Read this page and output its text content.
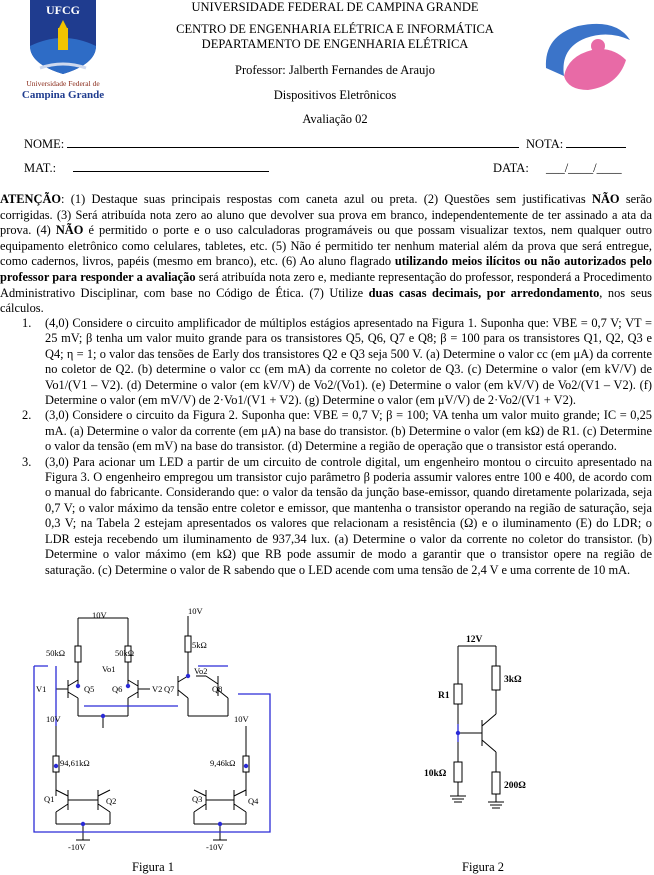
UFCG
Universidade Federal de
Campina Grande
UNIVERSIDADE FEDERAL DE CAMPINA GRANDE
CENTRO DE ENGENHARIA ELÉTRICA E INFORMÁTICA
DEPARTAMENTO DE ENGENHARIA ELÉTRICA
Professor: Jalberth Fernandes de Araujo
Dispositivos Eletrônicos
Avaliação 02
NOME:	NOTA:
MAT.:	DATA: ___/____/____
ATENÇÃO: (1) Destaque suas principais respostas com caneta azul ou preta. (2) Questões sem justificativas NÃO serão corrigidas. (3) Será atribuída nota zero ao aluno que devolver sua prova em branco, independentemente de ter assinado a ata da prova. (4) NÃO é permitido o porte e o uso calculadoras programáveis ou que possam visualizar textos, nem qualquer outro equipamento eletrônico como celulares, tabletes, etc. (5) Não é permitido ter nenhum material além da prova que será entregue, como cadernos, livros, papéis (mesmo em branco), etc. (6) Ao aluno flagrado utilizando meios ilícitos ou não autorizados pelo professor para responder a avaliação será atribuída nota zero e, mediante representação do professor, responderá a Procedimento Administrativo Disciplinar, com base no Código de Ética. (7) Utilize duas casas decimais, por arredondamento, nos seus cálculos.
1. (4,0) Considere o circuito amplificador de múltiplos estágios apresentado na Figura 1. Suponha que: VBE = 0,7 V; VT = 25 mV; β tenha um valor muito grande para os transistores Q5, Q6, Q7 e Q8; β = 100 para os transistores Q1, Q2, Q3 e Q4; η = 1; o valor das tensões de Early dos transistores Q2 e Q3 seja 500 V. (a) Determine o valor cc (em μA) da corrente no coletor de Q2. (b) determine o valor cc (em mA) da corrente no coletor de Q3. (c) Determine o valor (em kV/V) de Vo1/(V1 – V2). (d) Determine o valor (em kV/V) de Vo2/(Vo1). (e) Determine o valor (em kV/V) de Vo2/(V1 – V2). (f) Determine o valor (em mV/V) de 2·Vo1/(V1 + V2). (g) Determine o valor (em μV/V) de 2·Vo2/(V1 + V2).
2. (3,0) Considere o circuito da Figura 2. Suponha que: VBE = 0,7 V; β = 100; VA tenha um valor muito grande; IC = 0,25 mA. (a) Determine o valor da corrente (em μA) na base do transistor. (b) Determine o valor (em kΩ) de R1. (c) Determine o valor da tensão (em mV) na base do transistor. (d) Determine a região de operação que o transistor está operando.
3. (3,0) Para acionar um LED a partir de um circuito de controle digital, um engenheiro montou o circuito apresentado na Figura 3. O engenheiro empregou um transistor cujo parâmetro β poderia assumir valores entre 100 e 400, de acordo com o manual do fabricante. Considerando que: o valor da tensão da junção base-emissor, quando diretamente polarizada, seja 0,7 V; o valor máximo da tensão entre coletor e emissor, que mantenha o transistor operando na região de saturação, seja 0,3 V; na Tabela 2 estejam apresentados os valores que relacionam a resistência (Ω) e o iluminamento (E) do LDR; o LDR esteja recebendo um iluminamento de 937,34 lux. (a) Determine o valor da corrente no coletor do transistor. (b) Determine o valor máximo (em kΩ) que RB pode assumir de modo a garantir que o transistor opere na região de saturação. (c) Determine o valor de R sabendo que o LED acende com uma tensão de 2,4 V e uma corrente de 10 mA.
10V	10V
50kΩ	50kΩ
5kΩ
Vo1	Vo2
V1	V2
Q5 Q6	Q7	Q8
10V	10V
94,61kΩ	9,46kΩ
Q1	Q2	Q3	Q4
-10V	-10V
Figura 1
12V
R1
3kΩ
10kΩ
200Ω
Figura 2
